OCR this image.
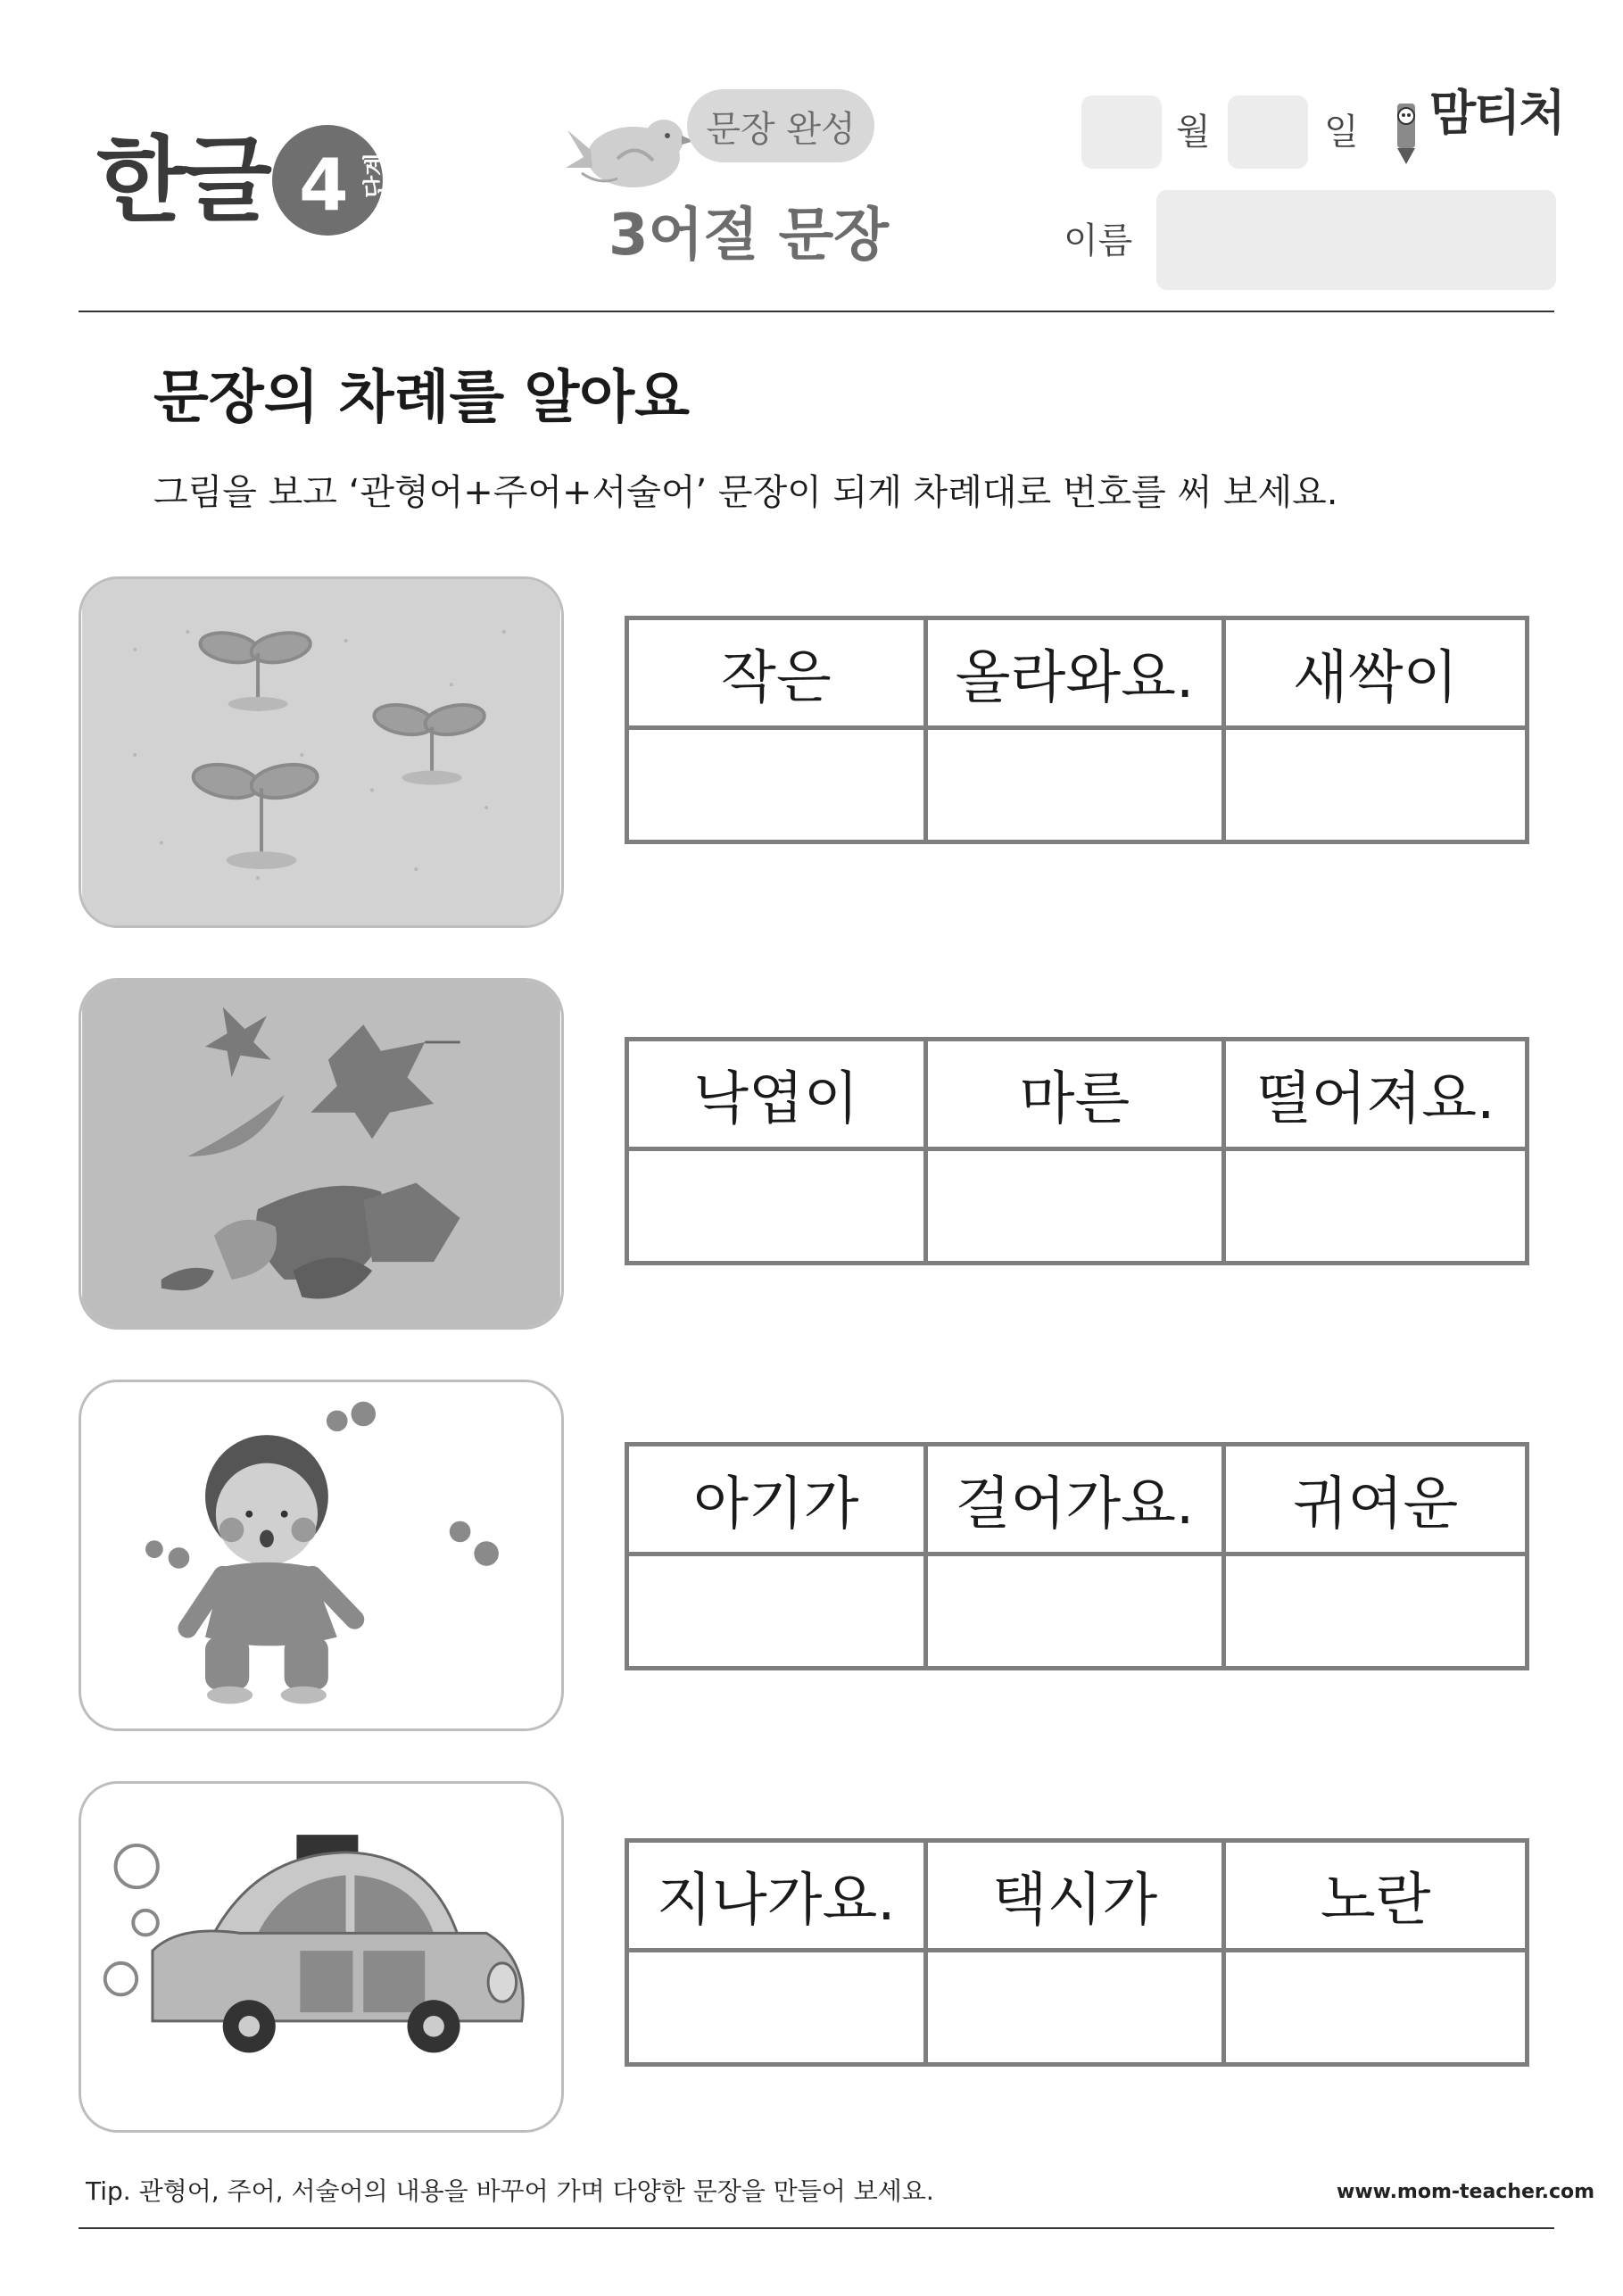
한글 4 단계
문장 완성
3어절 문장
월	일 맘티처
이름
문장의 차례를 알아요
그림을 보고 ‘관형어+주어+서술어’ 문장이 되게 차례대로 번호를 써 보세요.
작은	올라와요.	새싹이
낙엽이	마른	떨어져요.
아기가	걸어가요.	귀여운
지나가요.	택시가	노란
Tip. 관형어, 주어, 서술어의 내용을 바꾸어 가며 다양한 문장을 만들어 보세요.	www.mom-teacher.com
